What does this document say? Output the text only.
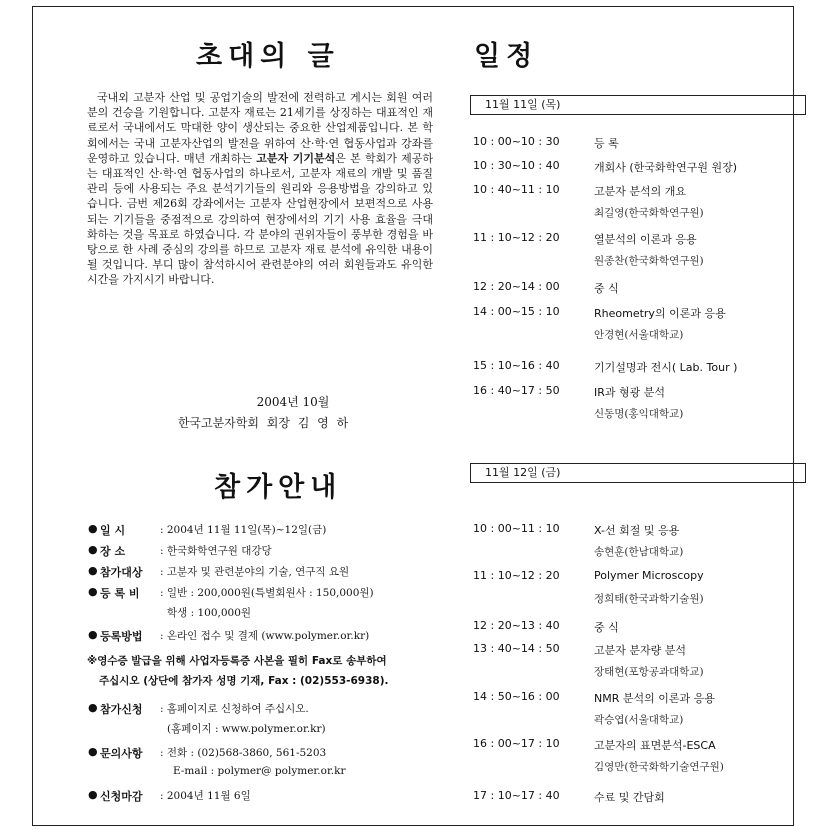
초대의 글

국내외 고분자 산업 및 공업기술의 발전에 전력하고 게시는 회원 여러분의 건승을 기원합니다. 고분자 재료는 21세기를 상징하는 대표적인 재료로서 국내에서도 막대한 양이 생산되는 중요한 산업제품입니다. 본 학회에서는 국내 고분자산업의 발전을 위하여 산·학·연 협동사업과 강좌를 운영하고 있습니다. 매년 개최하는 고분자 기기분석은 본 학회가 제공하는 대표적인 산·학·연 협동사업의 하나로서, 고분자 재료의 개발 및 품질관리 등에 사용되는 주요 분석기기들의 원리와 응용방법을 강의하고 있습니다. 금번 제26회 강좌에서는 고분자 산업현장에서 보편적으로 사용되는 기기들을 중점적으로 강의하여 현장에서의 기기 사용 효율을 극대화하는 것을 목표로 하였습니다. 각 분야의 권위자들이 풍부한 경험을 바탕으로 한 사례 중심의 강의를 하므로 고분자 재료 분석에 유익한 내용이 될 것입니다. 부디 많이 참석하시어 관련분야의 여러 회원들과도 유익한 시간을 가지시기 바랍니다.

2004년 10월
한국고분자학회 회장 김 영 하
참가안내
● 일 시	: 2004년 11월 11일(목)~12일(금)
● 장 소	: 한국화학연구원 대강당
● 참가대상 : 고분자 및 관련분야의 기술, 연구직 요원
● 등 록 비 : 일반 : 200,000원(특별회원사 : 150,000원)
학생 : 100,000원
● 등록방법 : 온라인 접수 및 결제 (www.polymer.or.kr)
※영수증 발급을 위해 사업자등록증 사본을 필히 Fax로 송부하여
주십시오 (상단에 참가자 성명 기재, Fax : (02)553-6938).
● 참가신청 : 홈페이지로 신청하여 주십시오.
(홈페이지 : www.polymer.or.kr)
● 문의사항 : 전화 : (02)568-3860, 561-5203
E-mail : polymer@ polymer.or.kr
● 신청마감 : 2004년 11월 6일
일정
11월 11일 (목)
10 : 00~10 : 30	등 록
10 : 30~10 : 40	개회사 (한국화학연구원 원장)
10 : 40~11 : 10	고분자 분석의 개요
최길영(한국화학연구원)
11 : 10~12 : 20	열분석의 이론과 응용
원종찬(한국화학연구원)
12 : 20~14 : 00	중 식
14 : 00~15 : 10	Rheometry의 이론과 응용
안경현(서울대학교)
15 : 10~16 : 40	기기설명과 전시( Lab. Tour )
16 : 40~17 : 50	IR과 형광 분석
신동명(홍익대학교)
11월 12일 (금)
10 : 00~11 : 10	X-선 회절 및 응용
송현훈(한남대학교)
11 : 10~12 : 20	Polymer Microscopy
정희태(한국과학기술원)
12 : 20~13 : 40	중 식
13 : 40~14 : 50	고분자 분자량 분석
장태현(포항공과대학교)
14 : 50~16 : 00	NMR 분석의 이론과 응용
곽승엽(서울대학교)
16 : 00~17 : 10	고분자의 표면분석-ESCA
김영만(한국화학기술연구원)
17 : 10~17 : 40	수료 및 간담회
